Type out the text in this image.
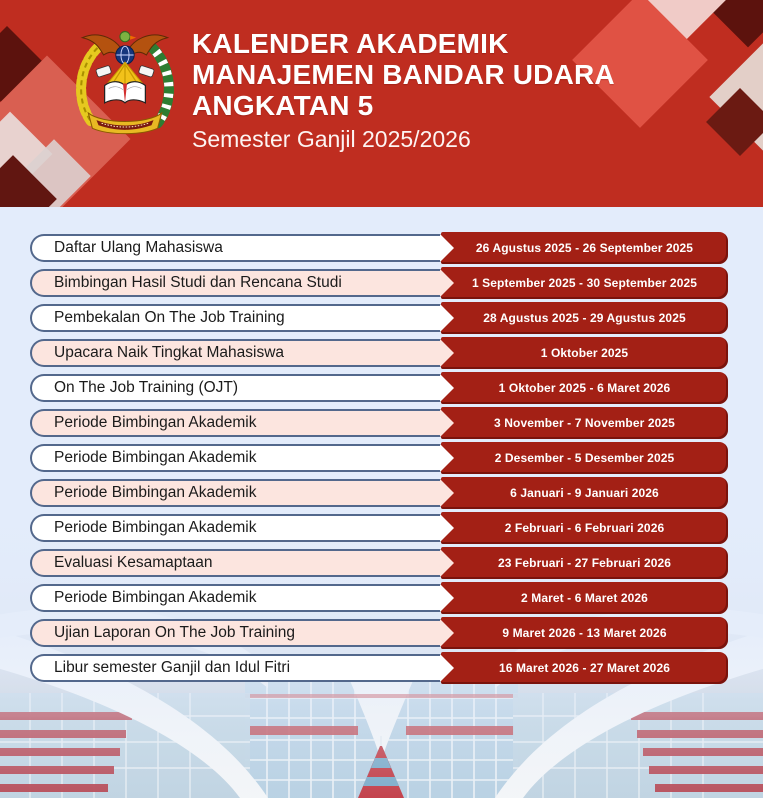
KALENDER AKADEMIK
MANAJEMEN BANDAR UDARA
ANGKATAN 5
Semester Ganjil 2025/2026
Daftar Ulang Mahasiswa	26 Agustus 2025 - 26 September 2025
Bimbingan Hasil Studi dan Rencana Studi	1 September 2025 - 30 September 2025
Pembekalan On The Job Training	28 Agustus 2025 - 29 Agustus 2025
Upacara Naik Tingkat Mahasiswa	1 Oktober 2025
On The Job Training (OJT)	1 Oktober 2025 - 6 Maret 2026
Periode Bimbingan Akademik	3 November - 7 November 2025
Periode Bimbingan Akademik	2 Desember - 5 Desember 2025
Periode Bimbingan Akademik	6 Januari - 9 Januari 2026
Periode Bimbingan Akademik	2 Februari - 6 Februari 2026
Evaluasi Kesamaptaan	23 Februari - 27 Februari 2026
Periode Bimbingan Akademik	2 Maret - 6 Maret 2026
Ujian Laporan On The Job Training	9 Maret 2026 - 13 Maret 2026
Libur semester Ganjil dan Idul Fitri	16 Maret 2026 - 27 Maret 2026
